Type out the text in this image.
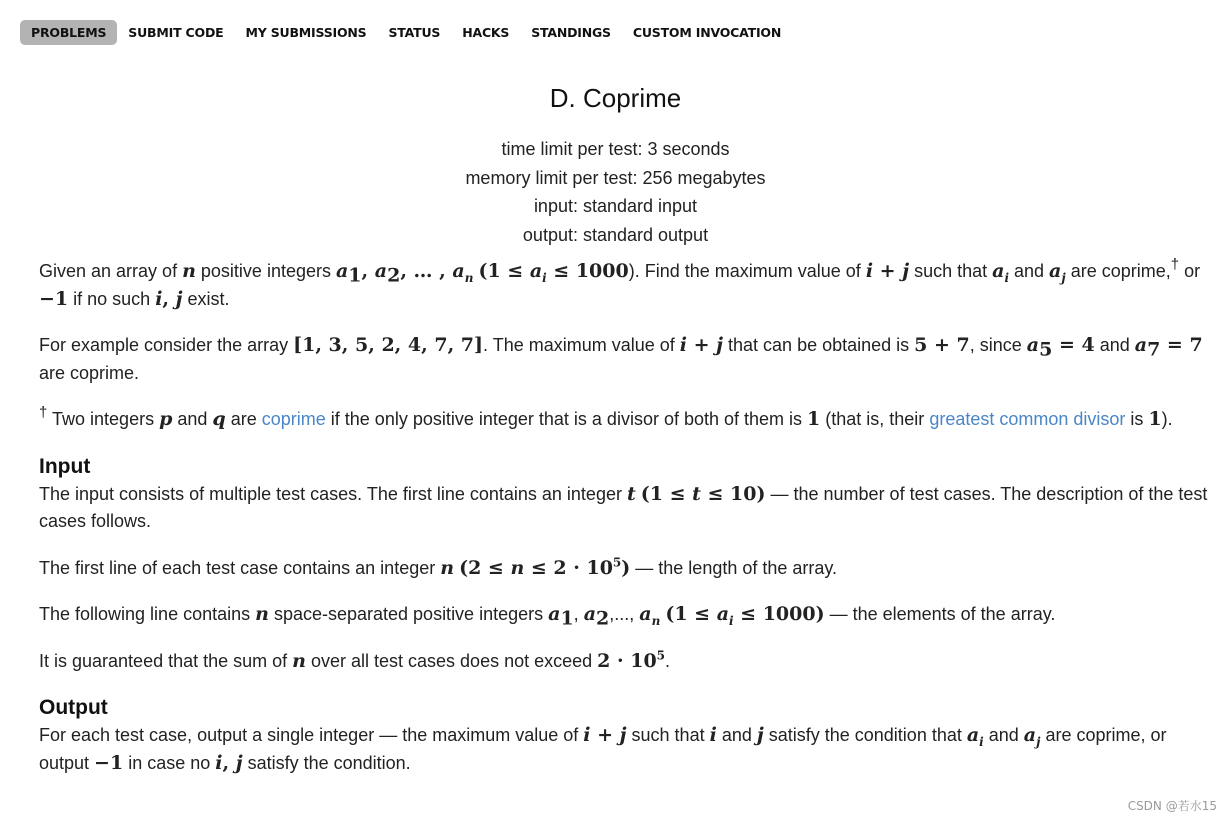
PROBLEMS	SUBMIT CODE	MY SUBMISSIONS	STATUS	HACKS	STANDINGS	CUSTOM INVOCATION
D. Coprime
time limit per test: 3 seconds
memory limit per test: 256 megabytes
input: standard input
output: standard output

Given an array of n positive integers $a_1$, $a_2$, … , $a_n$ $(1 \le a_i \le 1000)$. Find the maximum value of i + j such that $a_i$ and $a_j$ are coprime,† or −1 if no such i, j exist.

For example consider the array [1, 3, 5, 2, 4, 7, 7]. The maximum value of i + j that can be obtained is 5 + 7, since $a_5 = 4$ and $a_7 = 7$ are coprime.

† Two integers p and q are coprime if the only positive integer that is a divisor of both of them is 1 (that is, their greatest common divisor is 1).

Input

The input consists of multiple test cases. The first line contains an integer t (1 ≤ t ≤ 10) — the number of test cases. The description of the test cases follows.

The first line of each test case contains an integer n $(2 \le n \le 2 \cdot 10^5)$ — the length of the array.

The following line contains n space-separated positive integers $a_1$, $a_2$,..., $a_n$ $(1 \le a_i \le 1000)$ — the elements of the array.

It is guaranteed that the sum of n over all test cases does not exceed $2 \cdot 10^5$.

Output

For each test case, output a single integer — the maximum value of i + j such that i and j satisfy the condition that $a_i$ and $a_j$ are coprime, or output −1 in case no i, j satisfy the condition.

CSDN @若水15
